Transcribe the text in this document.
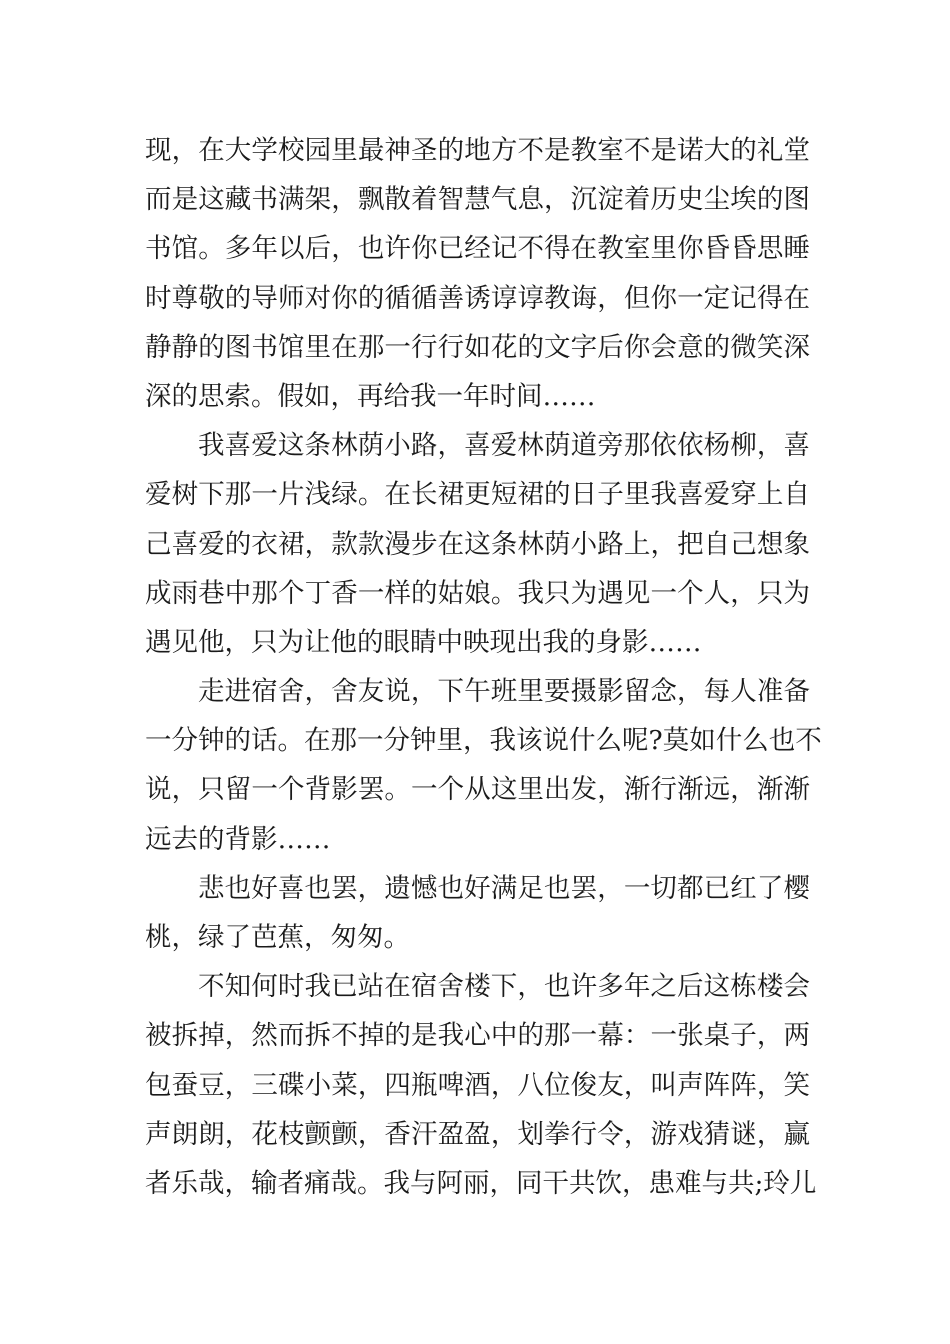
现，在大学校园里最神圣的地方不是教室不是诺大的礼堂
而是这藏书满架，飘散着智慧气息，沉淀着历史尘埃的图
书馆。多年以后，也许你已经记不得在教室里你昏昏思睡
时尊敬的导师对你的循循善诱谆谆教诲，但你一定记得在
静静的图书馆里在那一行行如花的文字后你会意的微笑深
深的思索。假如，再给我一年时间……
我喜爱这条林荫小路，喜爱林荫道旁那依依杨柳，喜
爱树下那一片浅绿。在长裙更短裙的日子里我喜爱穿上自
己喜爱的衣裙，款款漫步在这条林荫小路上，把自己想象
成雨巷中那个丁香一样的姑娘。我只为遇见一个人，只为
遇见他，只为让他的眼睛中映现出我的身影……
走进宿舍，舍友说，下午班里要摄影留念，每人准备
一分钟的话。在那一分钟里，我该说什么呢?莫如什么也不
说，只留一个背影罢。一个从这里出发，渐行渐远，渐渐
远去的背影……
悲也好喜也罢，遗憾也好满足也罢，一切都已红了樱
桃，绿了芭蕉，匆匆。
不知何时我已站在宿舍楼下，也许多年之后这栋楼会
被拆掉，然而拆不掉的是我心中的那一幕：一张桌子，两
包蚕豆，三碟小菜，四瓶啤酒，八位俊友，叫声阵阵，笑
声朗朗，花枝颤颤，香汗盈盈，划拳行令，游戏猜谜，赢
者乐哉，输者痛哉。我与阿丽，同干共饮，患难与共;玲儿
